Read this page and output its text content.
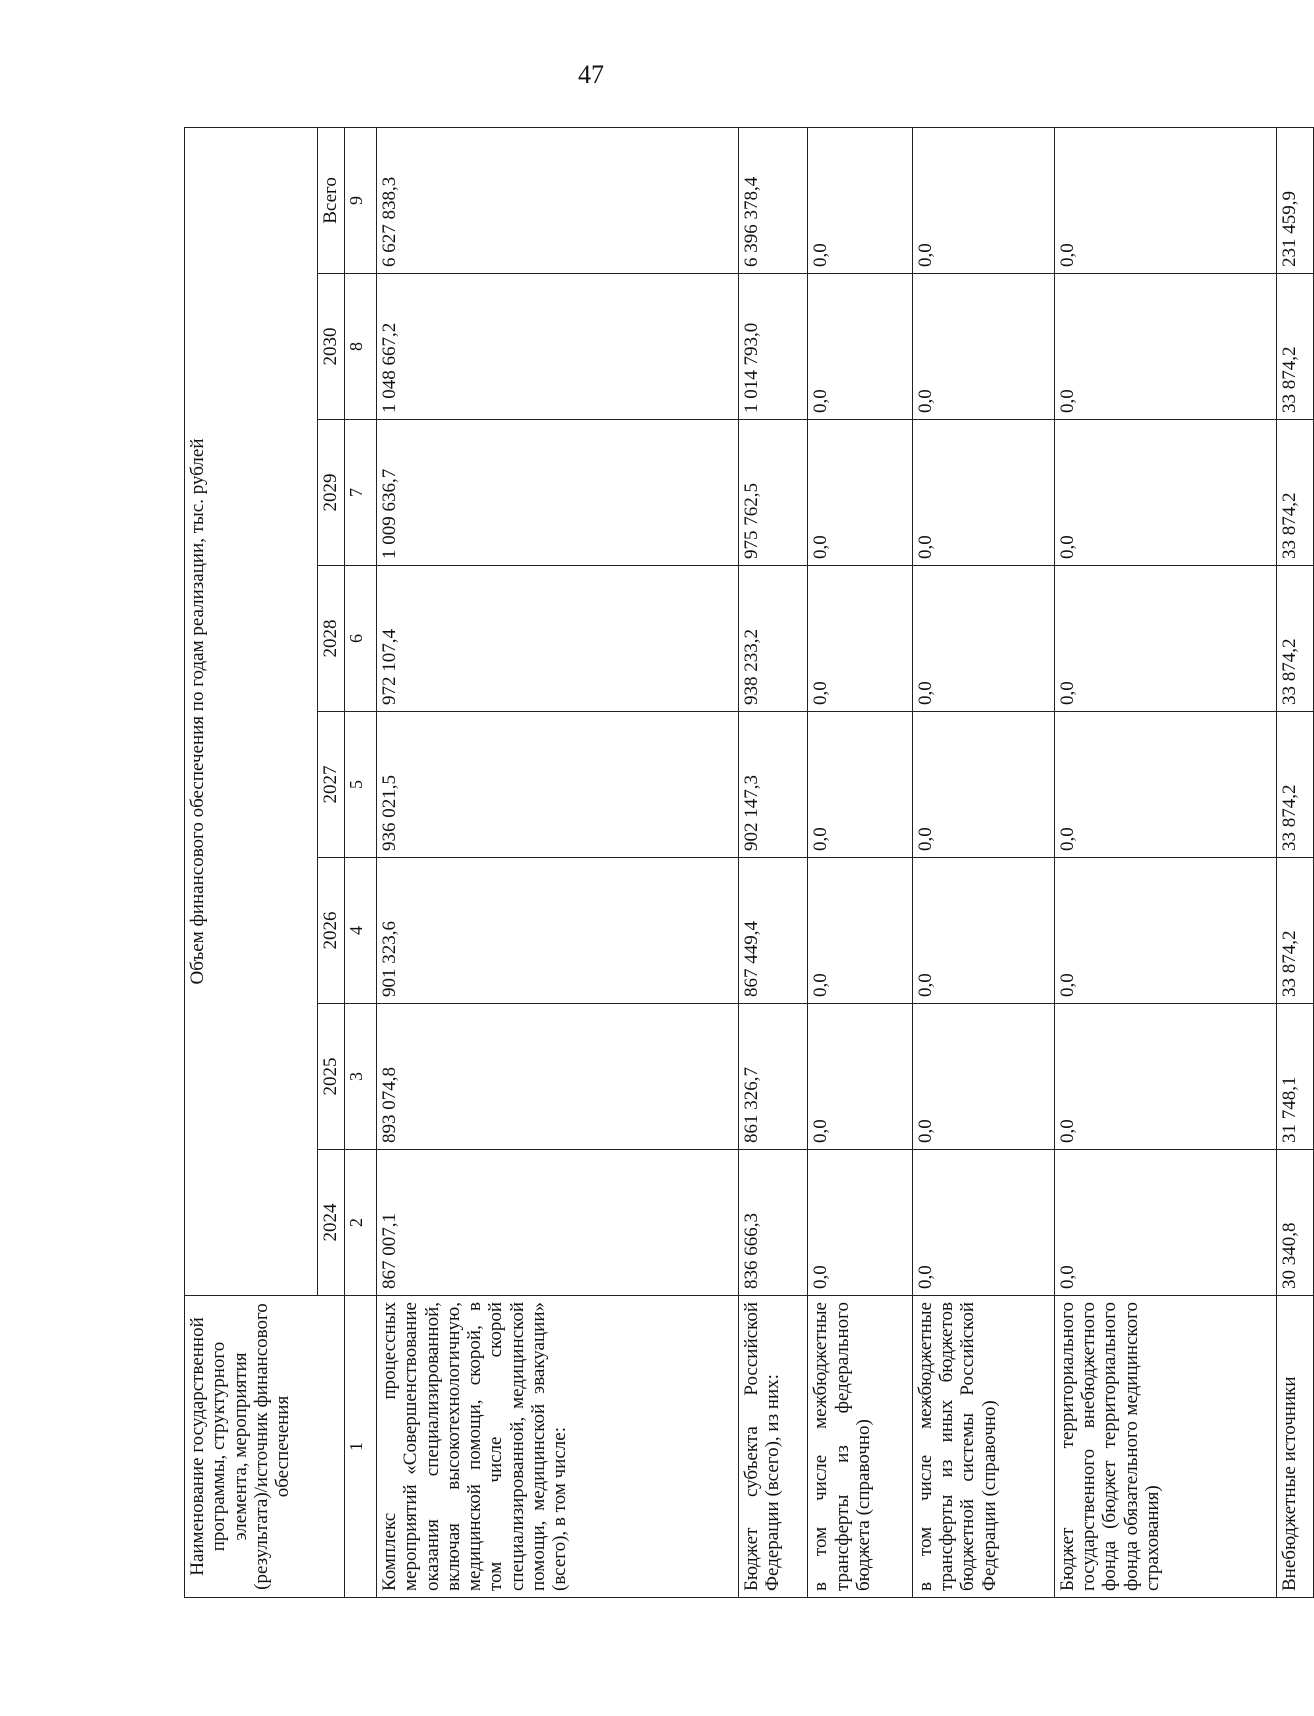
47
Наименование государственной программы, структурного элемента, мероприятия (результата)/источник финансового обеспечения	Объем финансового обеспечения по годам реализации, тыс. рублей							
	2024	2025	2026	2027	2028	2029	2030	Всего
1	2	3	4	5	6	7	8	9
Комплекс процессных мероприятий «Совершенствование оказания специализированной, включая высокотехнологичную, медицинской помощи, скорой, в том числе скорой специализированной, медицинской помощи, медицинской эвакуации» (всего), в том числе:	867 007,1	893 074,8	901 323,6	936 021,5	972 107,4	1 009 636,7	1 048 667,2	6 627 838,3
Бюджет субъекта Российской Федерации (всего), из них:	836 666,3	861 326,7	867 449,4	902 147,3	938 233,2	975 762,5	1 014 793,0	6 396 378,4
в том числе межбюджетные трансферты из федерального бюджета (справочно)	0,0	0,0	0,0	0,0	0,0	0,0	0,0	0,0
в том числе межбюджетные трансферты из иных бюджетов бюджетной системы Российской Федерации (справочно)	0,0	0,0	0,0	0,0	0,0	0,0	0,0	0,0
Бюджет территориального государственного внебюджетного фонда (бюджет территориального фонда обязательного медицинского страхования)	0,0	0,0	0,0	0,0	0,0	0,0	0,0	0,0
Внебюджетные источники	30 340,8	31 748,1	33 874,2	33 874,2	33 874,2	33 874,2	33 874,2	231 459,9
